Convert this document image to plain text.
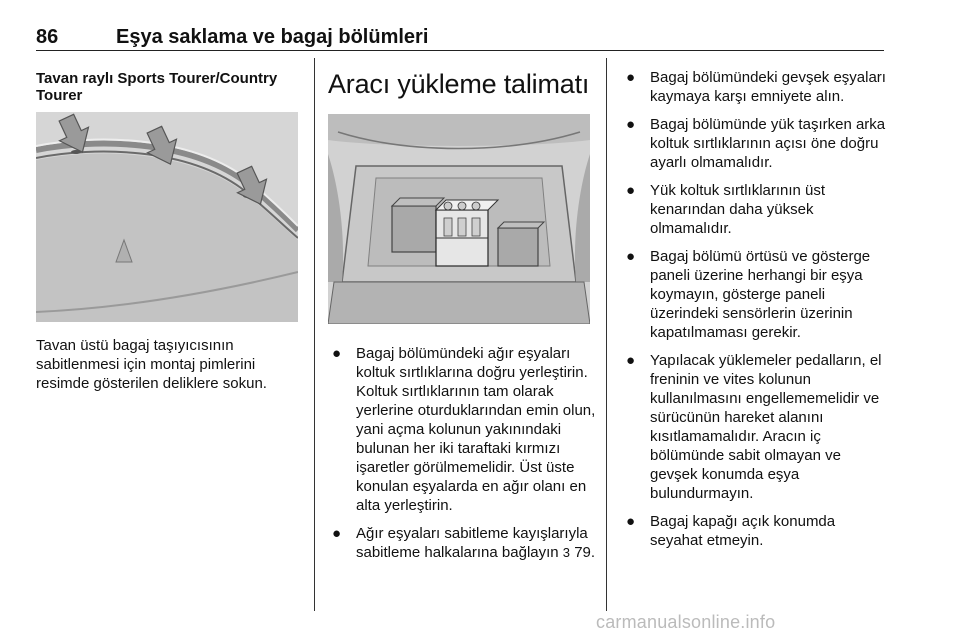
86	Eşya saklama ve bagaj bölümleri

Tavan raylı Sports Tourer/Country Tourer

Tavan üstü bagaj taşıyıcısının sabitlenmesi için montaj pimlerini resimde gösterilen deliklere sokun.

Aracı yükleme talimatı

● Bagaj bölümündeki ağır eşyaları koltuk sırtlıklarına doğru yerleştirin. Koltuk sırtlıklarının tam olarak yerlerine oturduklarından emin olun, yani açma kolunun yakınındaki bulunan her iki taraftaki kırmızı işaretler görülmemelidir. Üst üste konulan eşyalarda en ağır olanı en alta yerleştirin.
● Ağır eşyaları sabitleme kayışlarıyla sabitleme halkalarına bağlayın 3 79.
● Bagaj bölümündeki gevşek eşyaları kaymaya karşı emniyete alın.
● Bagaj bölümünde yük taşırken arka koltuk sırtlıklarının açısı öne doğru ayarlı olmamalıdır.
● Yük koltuk sırtlıklarının üst kenarından daha yüksek olmamalıdır.
● Bagaj bölümü örtüsü ve gösterge paneli üzerine herhangi bir eşya koymayın, gösterge paneli üzerindeki sensörlerin üzerinin kapatılmaması gerekir.
● Yapılacak yüklemeler pedalların, el freninin ve vites kolunun kullanılmasını engellememelidir ve sürücünün hareket alanını kısıtlamamalıdır. Aracın iç bölümünde sabit olmayan ve gevşek konumda eşya bulundurmayın.
● Bagaj kapağı açık konumda seyahat etmeyin.
carmanualsonline.info
